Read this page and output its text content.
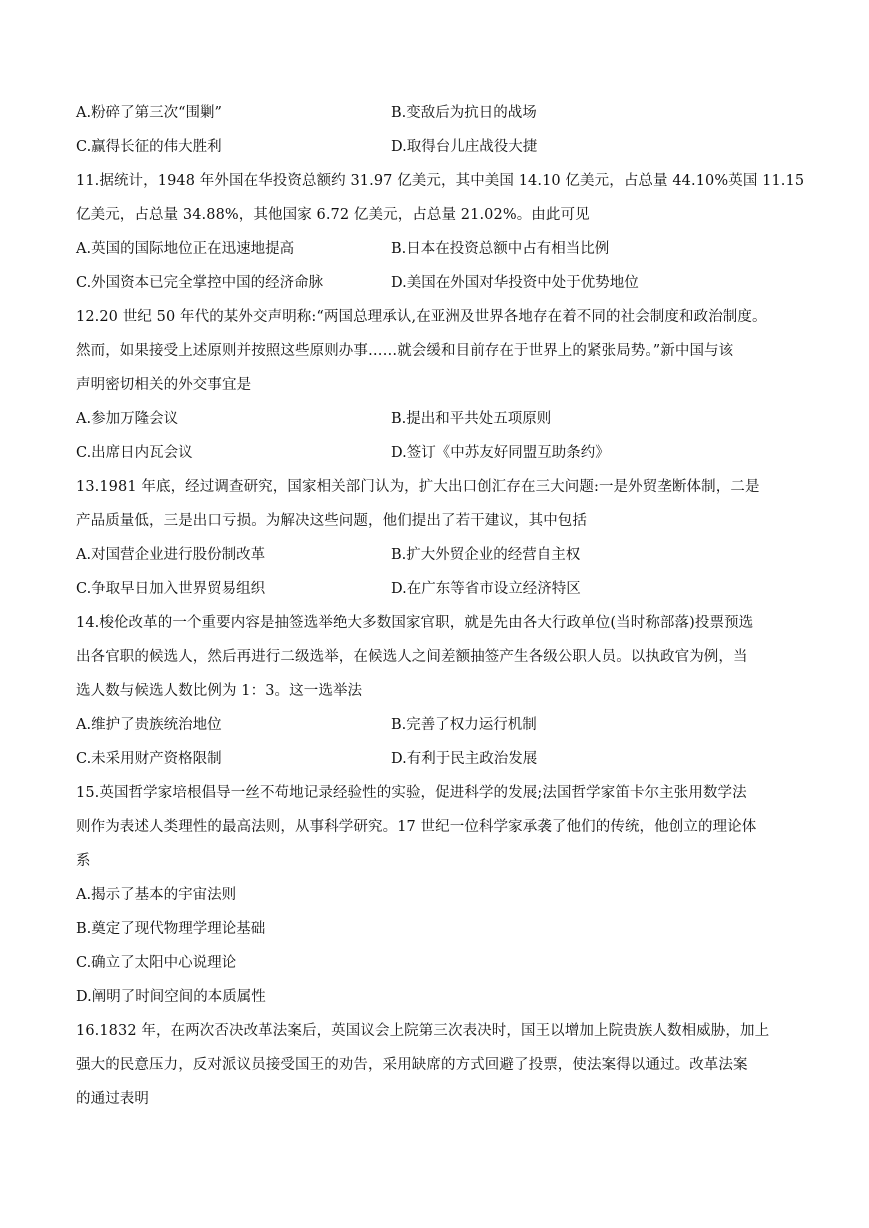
A.粉碎了第三次“围剿”	B.变敌后为抗日的战场
C.赢得长征的伟大胜利	D.取得台儿庄战役大捷
11.据统计，1948 年外国在华投资总额约 31.97 亿美元，其中美国 14.10 亿美元，占总量 44.10%英国 11.15
亿美元，占总量 34.88%，其他国家 6.72 亿美元，占总量 21.02%。由此可见
A.英国的国际地位正在迅速地提高	B.日本在投资总额中占有相当比例
C.外国资本已完全掌控中国的经济命脉	D.美国在外国对华投资中处于优势地位
12.20 世纪 50 年代的某外交声明称:“两国总理承认,在亚洲及世界各地存在着不同的社会制度和政治制度。
然而，如果接受上述原则并按照这些原则办事……就会缓和目前存在于世界上的紧张局势。”新中国与该
声明密切相关的外交事宜是
A.参加万隆会议	B.提出和平共处五项原则
C.出席日内瓦会议	D.签订《中苏友好同盟互助条约》
13.1981 年底，经过调查研究，国家相关部门认为，扩大出口创汇存在三大问题:一是外贸垄断体制，二是
产品质量低，三是出口亏损。为解决这些问题，他们提出了若干建议，其中包括
A.对国营企业进行股份制改革	B.扩大外贸企业的经营自主权
C.争取早日加入世界贸易组织	D.在广东等省市设立经济特区
14.梭伦改革的一个重要内容是抽签选举绝大多数国家官职，就是先由各大行政单位(当时称部落)投票预选
出各官职的候选人，然后再进行二级选举，在候选人之间差额抽签产生各级公职人员。以执政官为例，当
选人数与候选人数比例为 1：3。这一选举法
A.维护了贵族统治地位	B.完善了权力运行机制
C.未采用财产资格限制	D.有利于民主政治发展
15.英国哲学家培根倡导一丝不苟地记录经验性的实验，促进科学的发展;法国哲学家笛卡尔主张用数学法
则作为表述人类理性的最高法则，从事科学研究。17 世纪一位科学家承袭了他们的传统，他创立的理论体
系
A.揭示了基本的宇宙法则
B.奠定了现代物理学理论基础
C.确立了太阳中心说理论
D.阐明了时间空间的本质属性
16.1832 年，在两次否决改革法案后，英国议会上院第三次表决时，国王以增加上院贵族人数相威胁，加上
强大的民意压力，反对派议员接受国王的劝告，采用缺席的方式回避了投票，使法案得以通过。改革法案
的通过表明
